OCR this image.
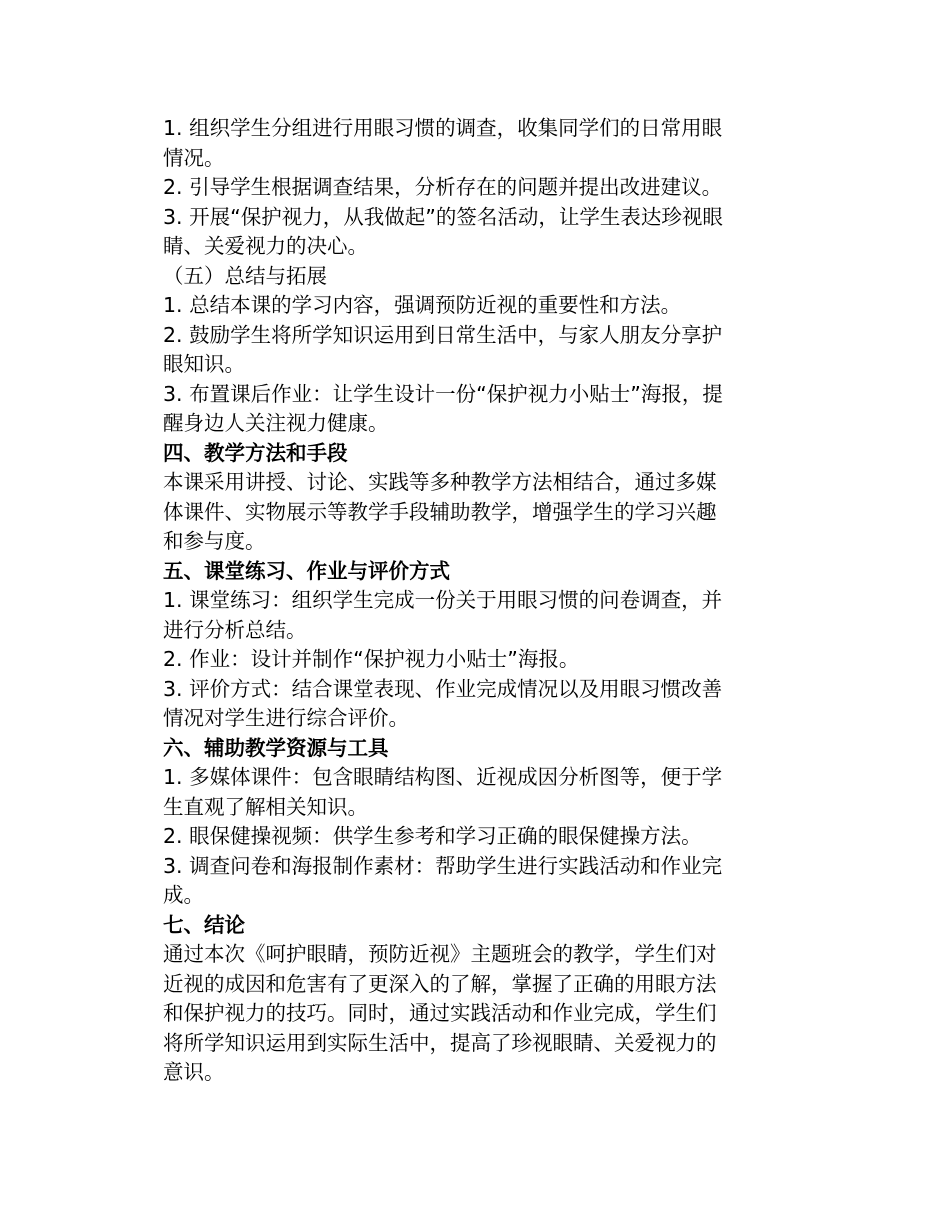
1. 组织学生分组进行用眼习惯的调查，收集同学们的日常用眼
情况。
2. 引导学生根据调查结果，分析存在的问题并提出改进建议。
3. 开展“保护视力，从我做起”的签名活动，让学生表达珍视眼
睛、关爱视力的决心。
（五）总结与拓展
1. 总结本课的学习内容，强调预防近视的重要性和方法。
2. 鼓励学生将所学知识运用到日常生活中，与家人朋友分享护
眼知识。
3. 布置课后作业：让学生设计一份“保护视力小贴士”海报，提
醒身边人关注视力健康。
四、教学方法和手段
本课采用讲授、讨论、实践等多种教学方法相结合，通过多媒
体课件、实物展示等教学手段辅助教学，增强学生的学习兴趣
和参与度。
五、课堂练习、作业与评价方式
1. 课堂练习：组织学生完成一份关于用眼习惯的问卷调查，并
进行分析总结。
2. 作业：设计并制作“保护视力小贴士”海报。
3. 评价方式：结合课堂表现、作业完成情况以及用眼习惯改善
情况对学生进行综合评价。
六、辅助教学资源与工具
1. 多媒体课件：包含眼睛结构图、近视成因分析图等，便于学
生直观了解相关知识。
2. 眼保健操视频：供学生参考和学习正确的眼保健操方法。
3. 调查问卷和海报制作素材：帮助学生进行实践活动和作业完
成。
七、结论
通过本次《呵护眼睛，预防近视》主题班会的教学，学生们对
近视的成因和危害有了更深入的了解，掌握了正确的用眼方法
和保护视力的技巧。同时，通过实践活动和作业完成，学生们
将所学知识运用到实际生活中，提高了珍视眼睛、关爱视力的
意识。
